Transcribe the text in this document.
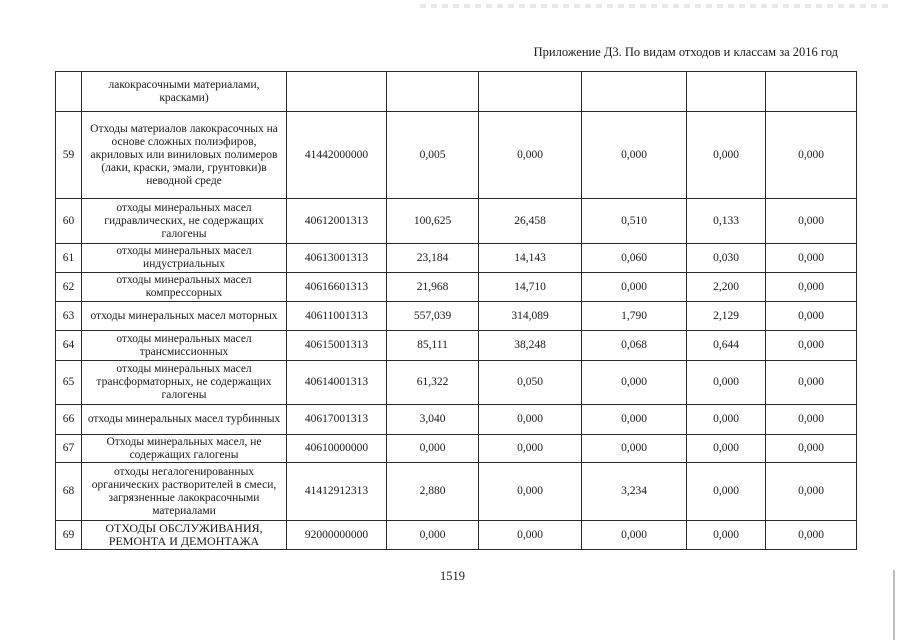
Приложение Д3. По видам отходов и классам за 2016 год
	лакокрасочными материалами, красками)						
59	Отходы материалов лакокрасочных на основе сложных полиэфиров, акриловых или виниловых полимеров (лаки, краски, эмали, грунтовки)в неводной среде	41442000000	0,005	0,000	0,000	0,000	0,000
60	отходы минеральных масел гидравлических, не содержащих галогены	40612001313	100,625	26,458	0,510	0,133	0,000
61	отходы минеральных масел индустриальных	40613001313	23,184	14,143	0,060	0,030	0,000
62	отходы минеральных масел компрессорных	40616601313	21,968	14,710	0,000	2,200	0,000
63	отходы минеральных масел моторных	40611001313	557,039	314,089	1,790	2,129	0,000
64	отходы минеральных масел трансмиссионных	40615001313	85,111	38,248	0,068	0,644	0,000
65	отходы минеральных масел трансформаторных, не содержащих галогены	40614001313	61,322	0,050	0,000	0,000	0,000
66	отходы минеральных масел турбинных	40617001313	3,040	0,000	0,000	0,000	0,000
67	Отходы минеральных масел, не содержащих галогены	40610000000	0,000	0,000	0,000	0,000	0,000
68	отходы негалогенированных органических растворителей в смеси, загрязненные лакокрасочными материалами	41412912313	2,880	0,000	3,234	0,000	0,000
69	ОТХОДЫ ОБСЛУЖИВАНИЯ, РЕМОНТА И ДЕМОНТАЖА	92000000000	0,000	0,000	0,000	0,000	0,000
1519
